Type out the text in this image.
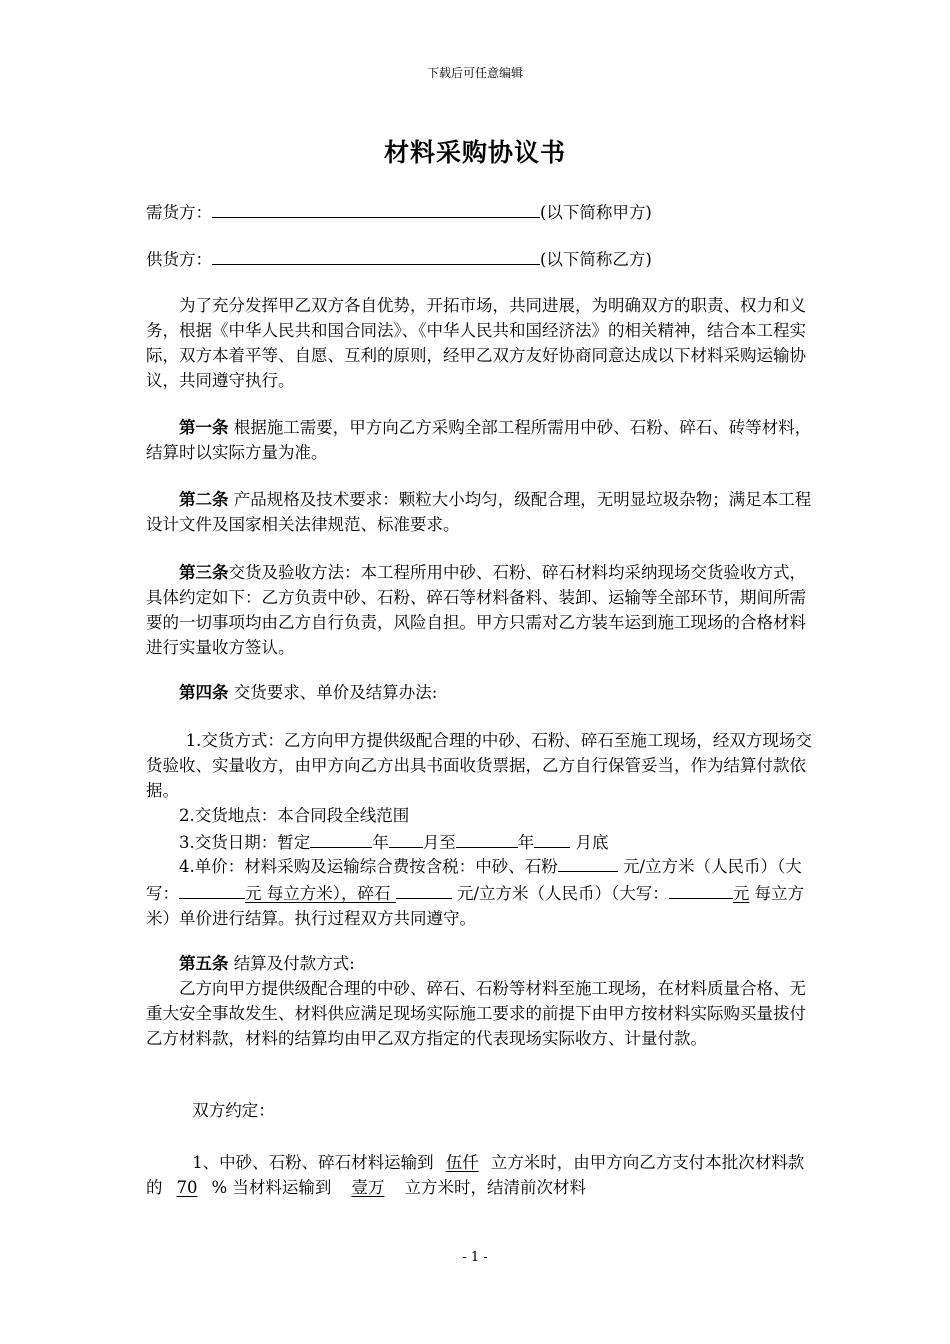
下载后可任意编辑
材料采购协议书
需货方：	(以下简称甲方)
供货方：	(以下简称乙方)

为了充分发挥甲乙双方各自优势，开拓市场，共同进展，为明确双方的职责、权力和义务，根据《中华人民共和国合同法》、《中华人民共和国经济法》的相关精神，结合本工程实际，双方本着平等、自愿、互利的原则，经甲乙双方友好协商同意达成以下材料采购运输协议，共同遵守执行。

第一条 根据施工需要，甲方向乙方采购全部工程所需用中砂、石粉、碎石、砖等材料，结算时以实际方量为准。

第二条 产品规格及技术要求：颗粒大小均匀，级配合理，无明显垃圾杂物；满足本工程设计文件及国家相关法律规范、标准要求。

第三条交货及验收方法：本工程所用中砂、石粉、碎石材料均采纳现场交货验收方式，具体约定如下：乙方负责中砂、石粉、碎石等材料备料、装卸、运输等全部环节，期间所需要的一切事项均由乙方自行负责，风险自担。甲方只需对乙方装车运到施工现场的合格材料进行实量收方签认。

第四条 交货要求、单价及结算办法:

1.交货方式：乙方向甲方提供级配合理的中砂、石粉、碎石至施工现场，经双方现场交货验收、实量收方，由甲方向乙方出具书面收货票据，乙方自行保管妥当，作为结算付款依据。

2.交货地点：本合同段全线范围

3.交货日期：暂定	年 月至	年 月底

4.单价：材料采购及运输综合费按含税：中砂、石粉	元/立方米（人民币）（大写：	元 每立方米），碎石	元/立方米（人民币）（大写：	元 每立方米）单价进行结算。执行过程双方共同遵守。

第五条 结算及付款方式:

乙方向甲方提供级配合理的中砂、碎石、石粉等材料至施工现场，在材料质量合格、无重大安全事故发生、材料供应满足现场实际施工要求的前提下由甲方按材料实际购买量拔付乙方材料款，材料的结算均由甲乙双方指定的代表现场实际收方、计量付款。

双方约定：

1、中砂、石粉、碎石材料运输到 伍仟 立方米时，由甲方向乙方支付本批次材料款的 70 % 当材料运输到 壹万 立方米时，结清前次材料

- 1 -
